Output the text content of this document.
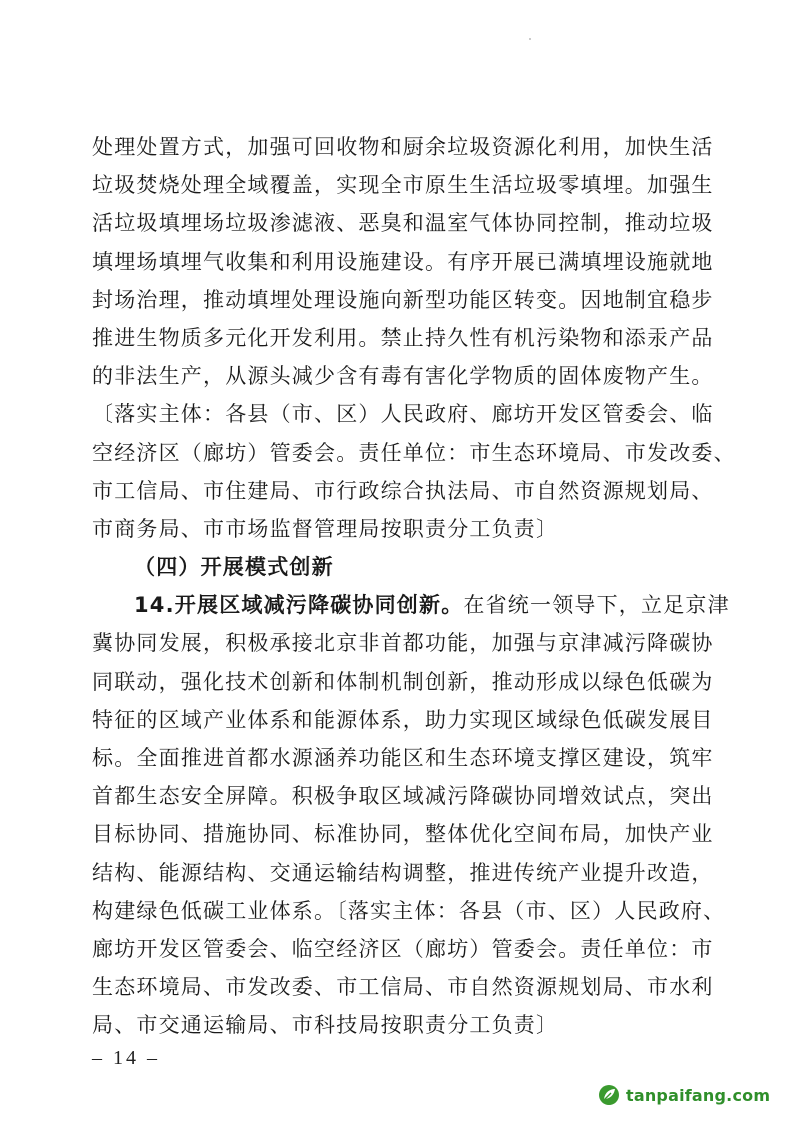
处理处置方式，加强可回收物和厨余垃圾资源化利用，加快生活
垃圾焚烧处理全域覆盖，实现全市原生生活垃圾零填埋。加强生
活垃圾填埋场垃圾渗滤液、恶臭和温室气体协同控制，推动垃圾
填埋场填埋气收集和利用设施建设。有序开展已满填埋设施就地
封场治理，推动填埋处理设施向新型功能区转变。因地制宜稳步
推进生物质多元化开发利用。禁止持久性有机污染物和添汞产品
的非法生产，从源头减少含有毒有害化学物质的固体废物产生。
〔落实主体：各县（市、区）人民政府、廊坊开发区管委会、临
空经济区（廊坊）管委会。责任单位：市生态环境局、市发改委、
市工信局、市住建局、市行政综合执法局、市自然资源规划局、
市商务局、市市场监督管理局按职责分工负责〕
（四）开展模式创新
14.开展区域减污降碳协同创新。在省统一领导下，立足京津
冀协同发展，积极承接北京非首都功能，加强与京津减污降碳协
同联动，强化技术创新和体制机制创新，推动形成以绿色低碳为
特征的区域产业体系和能源体系，助力实现区域绿色低碳发展目
标。全面推进首都水源涵养功能区和生态环境支撑区建设，筑牢
首都生态安全屏障。积极争取区域减污降碳协同增效试点，突出
目标协同、措施协同、标准协同，整体优化空间布局，加快产业
结构、能源结构、交通运输结构调整，推进传统产业提升改造，
构建绿色低碳工业体系。〔落实主体：各县（市、区）人民政府、
廊坊开发区管委会、临空经济区（廊坊）管委会。责任单位：市
生态环境局、市发改委、市工信局、市自然资源规划局、市水利
局、市交通运输局、市科技局按职责分工负责〕
– 14 –
tanpaifang.com
